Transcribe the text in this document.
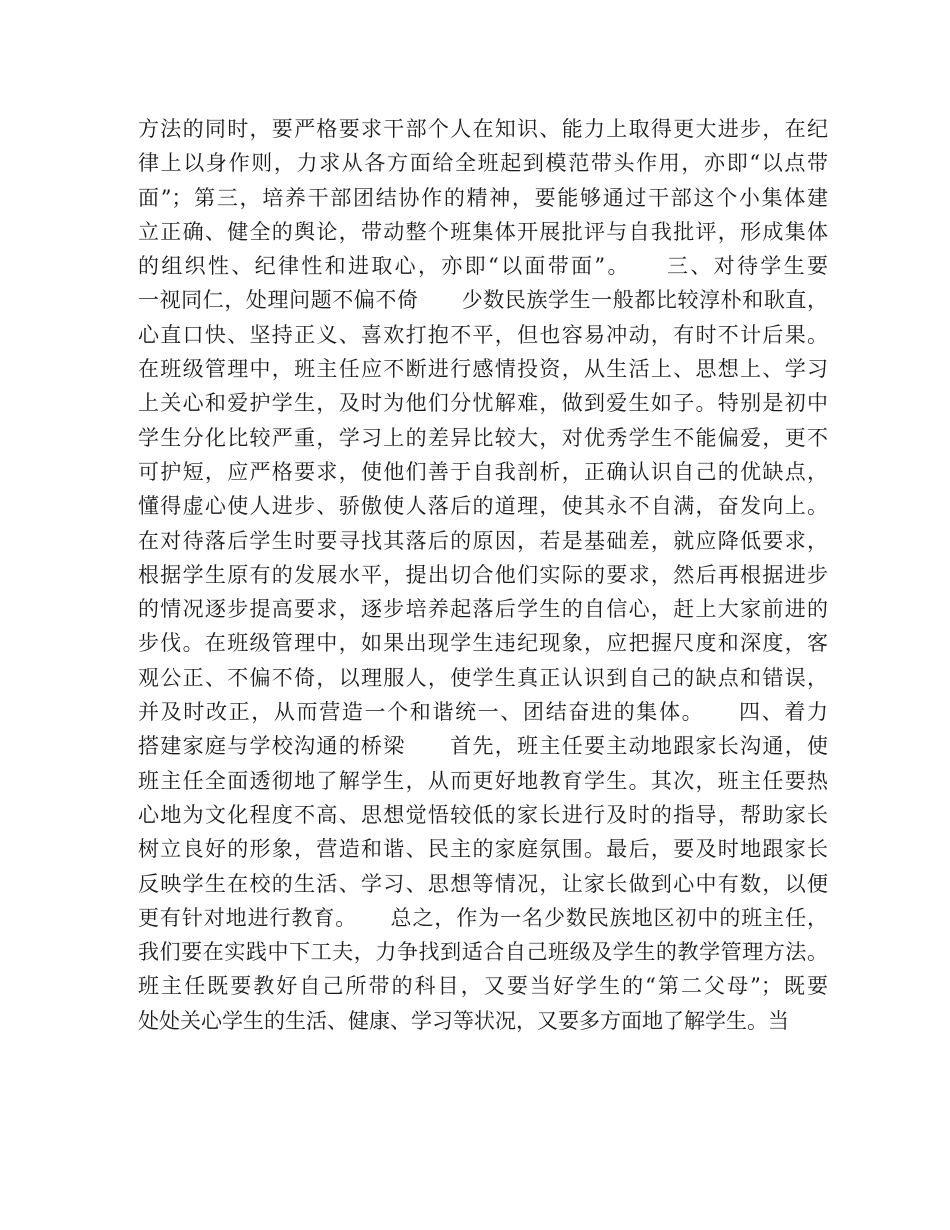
方法的同时，要严格要求干部个人在知识、能力上取得更大进步，在纪
律上以身作则，力求从各方面给全班起到模范带头作用，亦即“以点带
面”；第三，培养干部团结协作的精神，要能够通过干部这个小集体建
立正确、健全的舆论，带动整个班集体开展批评与自我批评，形成集体
的组织性、纪律性和进取心，亦即“以面带面”。　　三、对待学生要
一视同仁，处理问题不偏不倚　　少数民族学生一般都比较淳朴和耿直，
心直口快、坚持正义、喜欢打抱不平，但也容易冲动，有时不计后果。
在班级管理中，班主任应不断进行感情投资，从生活上、思想上、学习
上关心和爱护学生，及时为他们分忧解难，做到爱生如子。特别是初中
学生分化比较严重，学习上的差异比较大，对优秀学生不能偏爱，更不
可护短，应严格要求，使他们善于自我剖析，正确认识自己的优缺点，
懂得虚心使人进步、骄傲使人落后的道理，使其永不自满，奋发向上。
在对待落后学生时要寻找其落后的原因，若是基础差，就应降低要求，
根据学生原有的发展水平，提出切合他们实际的要求，然后再根据进步
的情况逐步提高要求，逐步培养起落后学生的自信心，赶上大家前进的
步伐。在班级管理中，如果出现学生违纪现象，应把握尺度和深度，客
观公正、不偏不倚，以理服人，使学生真正认识到自己的缺点和错误，
并及时改正，从而营造一个和谐统一、团结奋进的集体。　　四、着力
搭建家庭与学校沟通的桥梁　　首先，班主任要主动地跟家长沟通，使
班主任全面透彻地了解学生，从而更好地教育学生。其次，班主任要热
心地为文化程度不高、思想觉悟较低的家长进行及时的指导，帮助家长
树立良好的形象，营造和谐、民主的家庭氛围。最后，要及时地跟家长
反映学生在校的生活、学习、思想等情况，让家长做到心中有数，以便
更有针对地进行教育。　　总之，作为一名少数民族地区初中的班主任，
我们要在实践中下工夫，力争找到适合自己班级及学生的教学管理方法。
班主任既要教好自己所带的科目，又要当好学生的“第二父母”；既要
处处关心学生的生活、健康、学习等状况，又要多方面地了解学生。当
